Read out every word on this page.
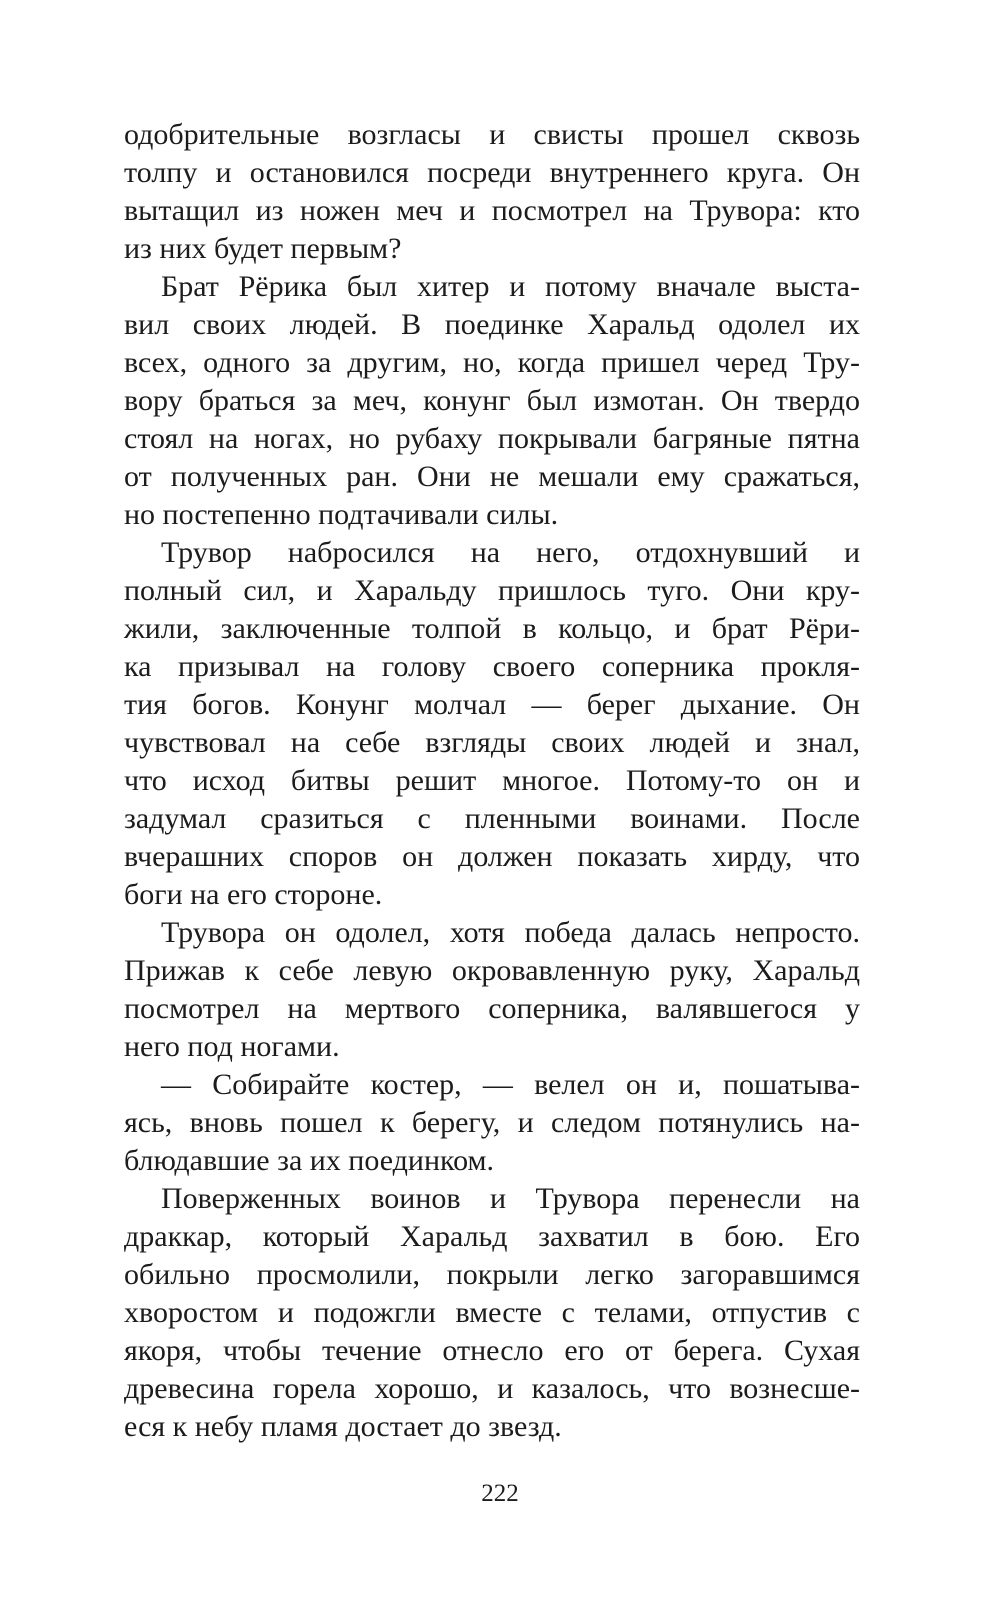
одобрительные возгласы и свисты прошел сквозь
толпу и остановился посреди внутреннего круга. Он
вытащил из ножен меч и посмотрел на Трувора: кто
из них будет первым?
Брат Рёрика был хитер и потому вначале выста-
вил своих людей. В поединке Харальд одолел их
всех, одного за другим, но, когда пришел черед Тру-
вору браться за меч, конунг был измотан. Он твердо
стоял на ногах, но рубаху покрывали багряные пятна
от полученных ран. Они не мешали ему сражаться,
но постепенно подтачивали силы.
Трувор набросился на него, отдохнувший и
полный сил, и Харальду пришлось туго. Они кру-
жили, заключенные толпой в кольцо, и брат Рёри-
ка призывал на голову своего соперника прокля-
тия богов. Конунг молчал — берег дыхание. Он
чувствовал на себе взгляды своих людей и знал,
что исход битвы решит многое. Потому-то он и
задумал сразиться с пленными воинами. После
вчерашних споров он должен показать хирду, что
боги на его стороне.
Трувора он одолел, хотя победа далась непросто.
Прижав к себе левую окровавленную руку, Харальд
посмотрел на мертвого соперника, валявшегося у
него под ногами.
— Собирайте костер, — велел он и, пошатыва-
ясь, вновь пошел к берегу, и следом потянулись на-
блюдавшие за их поединком.
Поверженных воинов и Трувора перенесли на
драккар, который Харальд захватил в бою. Его
обильно просмолили, покрыли легко загоравшимся
хворостом и подожгли вместе с телами, отпустив с
якоря, чтобы течение отнесло его от берега. Сухая
древесина горела хорошо, и казалось, что вознесше-
еся к небу пламя достает до звезд.
222
